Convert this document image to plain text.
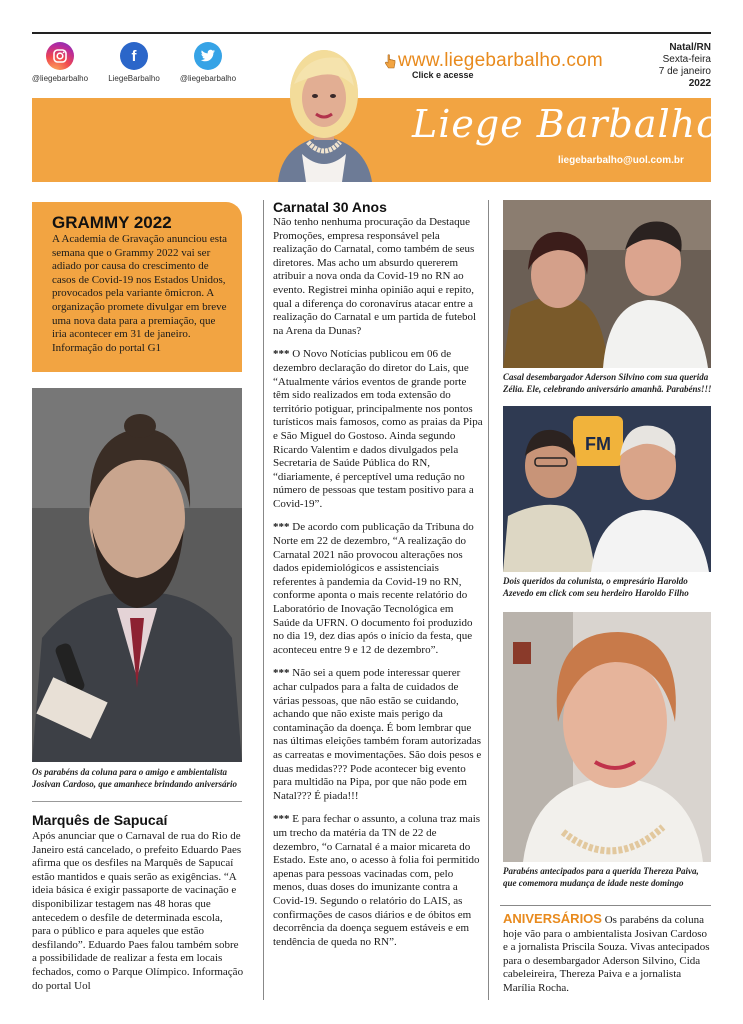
@liegebarbalho
f
LiegeBarbalho	@liegebarbalho
www.liegebarbalho.com
Click e acesse
Natal/RN
Sexta-feira
7 de janeiro
2022
Liege Barbalho
liegebarbalho@uol.com.br
GRAMMY 2022

A Academia de Gravação anunciou esta semana que o Grammy 2022 vai ser adiado por causa do crescimento de casos de Covid-19 nos Estados Unidos, provocados pela variante ômicron. A organização promete divulgar em breve uma nova data para a premiação, que iria acontecer em 31 de janeiro. Informação do portal G1

Os parabéns da coluna para o amigo e ambientalista Josivan Cardoso, que amanhece brindando aniversário
Marquês de Sapucaí

Após anunciar que o Carnaval de rua do Rio de Janeiro está cancelado, o prefeito Eduardo Paes afirma que os desfiles na Marquês de Sapucaí estão mantidos e quais serão as exigências. “A ideia básica é exigir passaporte de vacinação e disponibilizar testagem nas 48 horas que antecedem o desfile de determinada escola, para o público e para aqueles que estão desfilando”. Eduardo Paes falou também sobre a possibilidade de realizar a festa em locais fechados, como o Parque Olímpico. Informação do portal Uol

Carnatal 30 Anos

Não tenho nenhuma procuração da Destaque Promoções, empresa responsável pela realização do Carnatal, como também de seus diretores. Mas acho um absurdo quererem atribuir a nova onda da Covid-19 no RN ao evento. Registrei minha opinião aqui e repito, qual a diferença do coronavírus atacar entre a realização do Carnatal e um partida de futebol na Arena da Dunas?

*** O Novo Notícias publicou em 06 de dezembro declaração do diretor do Lais, que “Atualmente vários eventos de grande porte têm sido realizados em toda extensão do território potiguar, principalmente nos pontos turísticos mais famosos, como as praias da Pipa e São Miguel do Gostoso. Ainda segundo Ricardo Valentim e dados divulgados pela Secretaria de Saúde Pública do RN, “diariamente, é perceptível uma redução no número de pessoas que testam positivo para a Covid-19”.

*** De acordo com publicação da Tribuna do Norte em 22 de dezembro, “A realização do Carnatal 2021 não provocou alterações nos dados epidemiológicos e assistenciais referentes à pandemia da Covid-19 no RN, conforme aponta o mais recente relatório do Laboratório de Inovação Tecnológica em Saúde da UFRN. O documento foi produzido no dia 19, dez dias após o início da festa, que aconteceu entre 9 e 12 de dezembro”.

*** Não sei a quem pode interessar querer achar culpados para a falta de cuidados de várias pessoas, que não estão se cuidando, achando que não existe mais perigo da contaminação da doença. É bom lembrar que nas últimas eleições também foram autorizadas as carreatas e movimentações. São dois pesos e duas medidas??? Pode acontecer big evento para multidão na Pipa, por que não pode em Natal??? É piada!!!

*** E para fechar o assunto, a coluna traz mais um trecho da matéria da TN de 22 de dezembro, “o Carnatal é a maior micareta do Estado. Este ano, o acesso à folia foi permitido apenas para pessoas vacinadas com, pelo menos, duas doses do imunizante contra a Covid-19. Segundo o relatório do LAIS, as confirmações de casos diários e de óbitos em decorrência da doença seguem estáveis e em tendência de queda no RN”.

Casal desembargador Aderson Silvino com sua querida Zélia. Ele, celebrando aniversário amanhã. Parabéns!!!
FM
Dois queridos da colunista, o empresário Haroldo Azevedo em click com seu herdeiro Haroldo Filho
Parabéns antecipados para a querida Thereza Paiva, que comemora mudança de idade neste domingo
ANIVERSÁRIOS Os parabéns da coluna hoje vão para o ambientalista Josivan Cardoso e a jornalista Priscila Souza. Vivas antecipados para o desembargador Aderson Silvino, Cida cabeleireira, Thereza Paiva e a jornalista Marília Rocha.
